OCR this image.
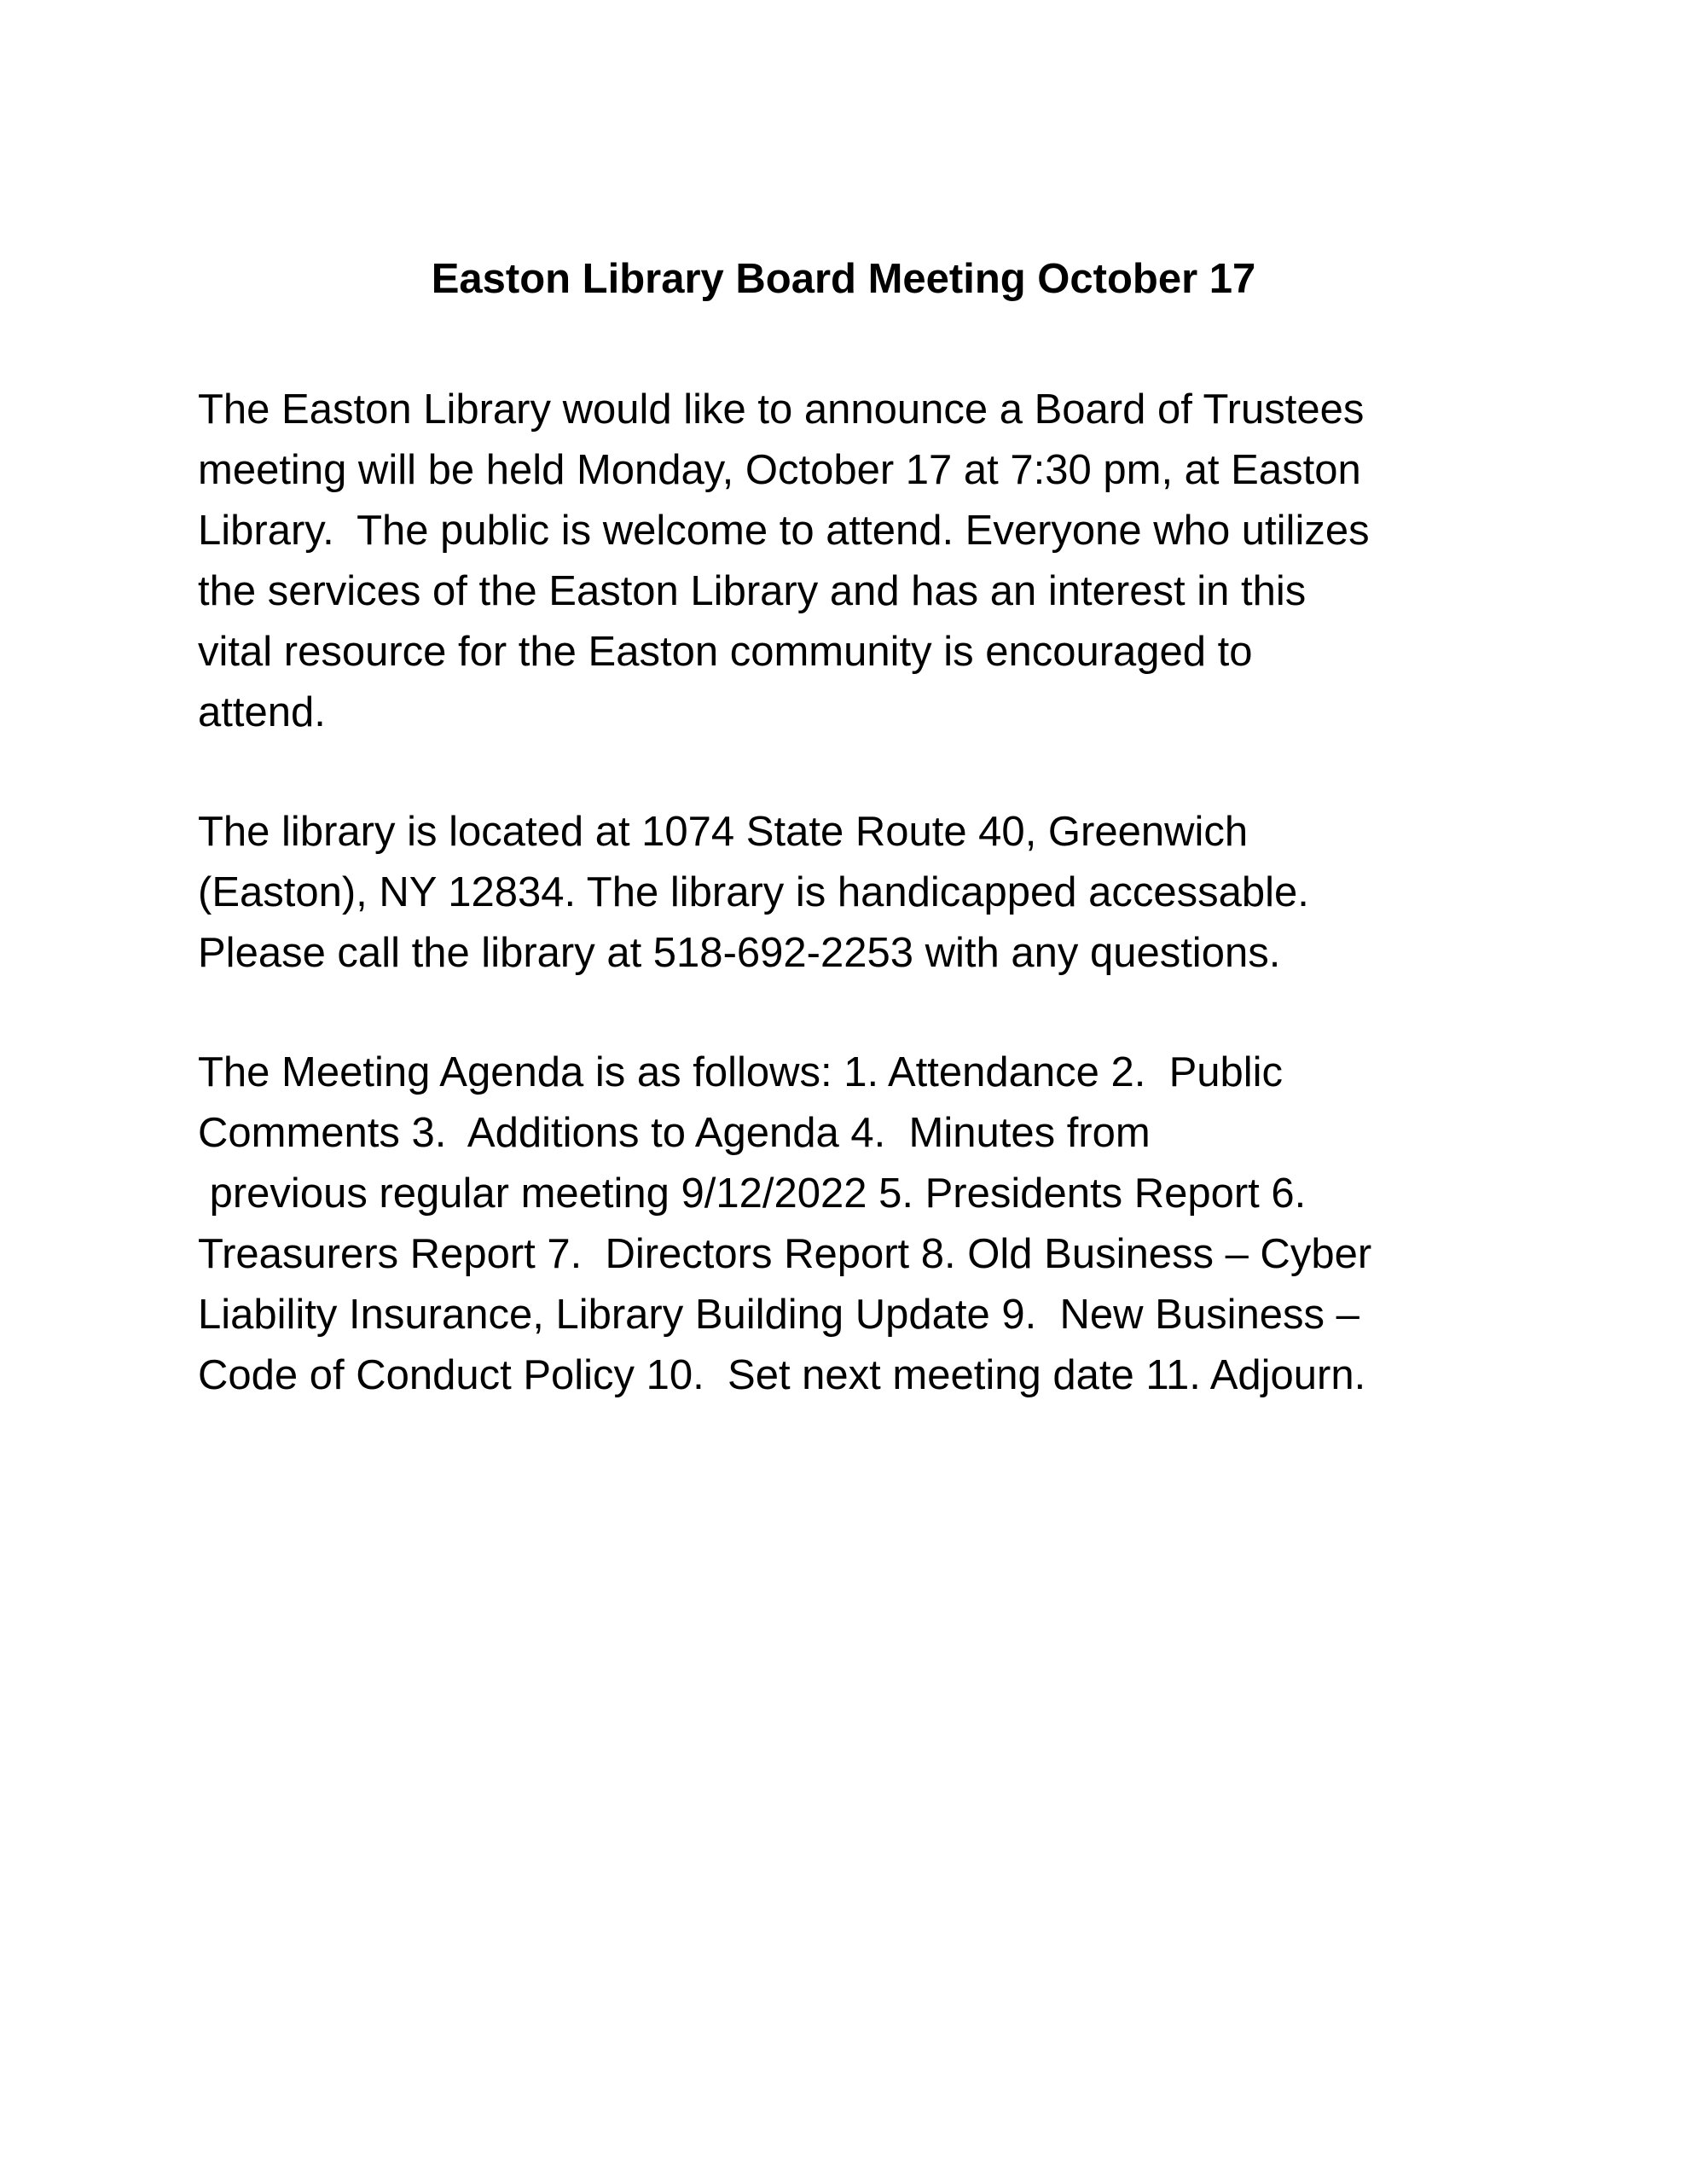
Easton Library Board Meeting October 17
The Easton Library would like to announce a Board of Trustees
meeting will be held Monday, October 17 at 7:30 pm, at Easton
Library.  The public is welcome to attend. Everyone who utilizes
the services of the Easton Library and has an interest in this
vital resource for the Easton community is encouraged to
attend.
The library is located at 1074 State Route 40, Greenwich
(Easton), NY 12834. The library is handicapped accessable.
Please call the library at 518-692-2253 with any questions.
The Meeting Agenda is as follows: 1. Attendance 2.  Public
Comments 3.  Additions to Agenda 4.  Minutes from
previous regular meeting 9/12/2022 5. Presidents Report 6.
Treasurers Report 7.  Directors Report 8. Old Business – Cyber
Liability Insurance, Library Building Update 9.  New Business –
Code of Conduct Policy 10.  Set next meeting date 11. Adjourn.
